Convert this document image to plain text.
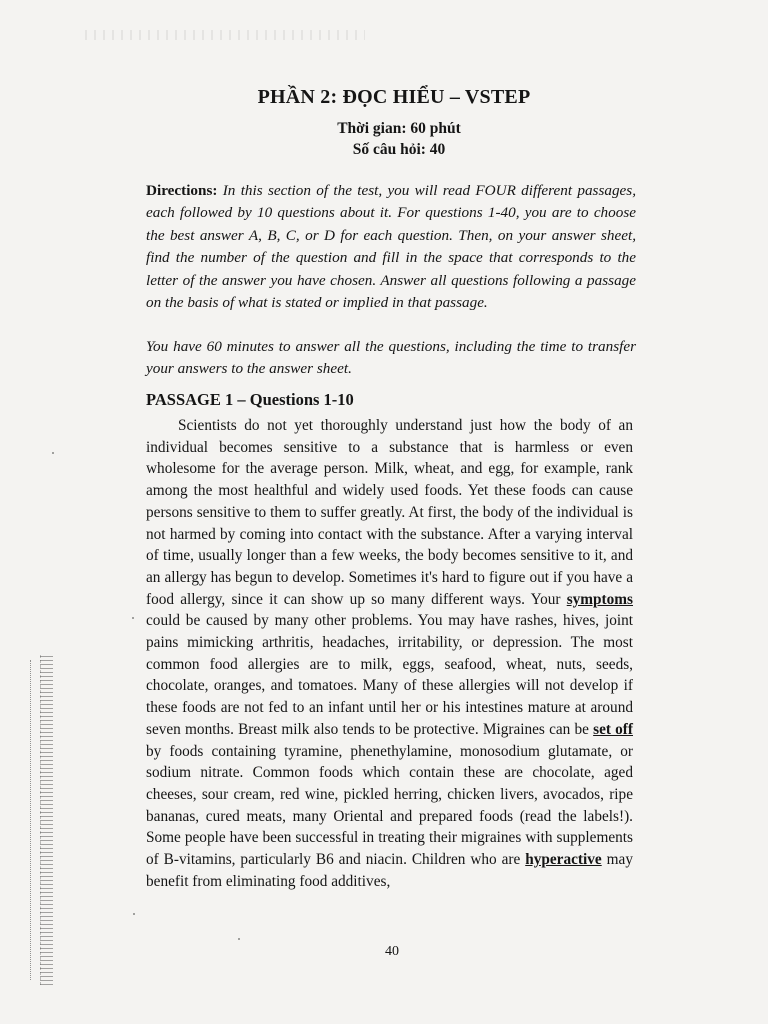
PHẦN 2: ĐỌC HIỂU – VSTEP
Thời gian: 60 phút
Số câu hỏi: 40
Directions: In this section of the test, you will read FOUR different passages, each followed by 10 questions about it. For questions 1-40, you are to choose the best answer A, B, C, or D for each question. Then, on your answer sheet, find the number of the question and fill in the space that corresponds to the letter of the answer you have chosen. Answer all questions following a passage on the basis of what is stated or implied in that passage.
You have 60 minutes to answer all the questions, including the time to transfer your answers to the answer sheet.
PASSAGE 1 – Questions 1-10

Scientists do not yet thoroughly understand just how the body of an individual becomes sensitive to a substance that is harmless or even wholesome for the average person. Milk, wheat, and egg, for example, rank among the most healthful and widely used foods. Yet these foods can cause persons sensitive to them to suffer greatly. At first, the body of the individual is not harmed by coming into contact with the substance. After a varying interval of time, usually longer than a few weeks, the body becomes sensitive to it, and an allergy has begun to develop. Sometimes it's hard to figure out if you have a food allergy, since it can show up so many different ways. Your symptoms could be caused by many other problems. You may have rashes, hives, joint pains mimicking arthritis, headaches, irritability, or depression. The most common food allergies are to milk, eggs, seafood, wheat, nuts, seeds, chocolate, oranges, and tomatoes. Many of these allergies will not develop if these foods are not fed to an infant until her or his intestines mature at around seven months. Breast milk also tends to be protective. Migraines can be set off by foods containing tyramine, phenethylamine, monosodium glutamate, or sodium nitrate. Common foods which contain these are chocolate, aged cheeses, sour cream, red wine, pickled herring, chicken livers, avocados, ripe bananas, cured meats, many Oriental and prepared foods (read the labels!). Some people have been successful in treating their migraines with supplements of B-vitamins, particularly B6 and niacin. Children who are hyperactive may benefit from eliminating food additives,

40
